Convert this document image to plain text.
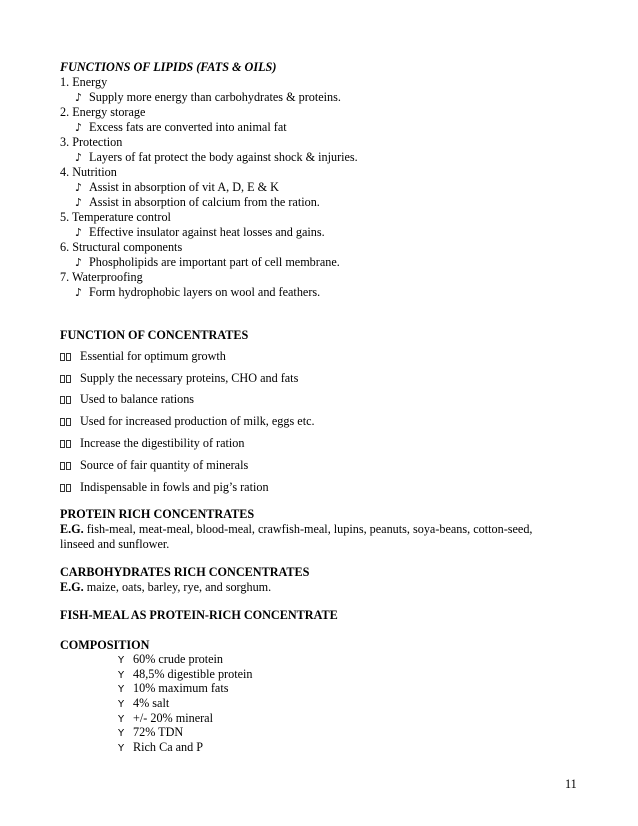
FUNCTIONS OF LIPIDS (FATS & OILS)
1. Energy
♪ Supply more energy than carbohydrates & proteins.
2. Energy storage
♪ Excess fats are converted into animal fat
3. Protection
♪ Layers of fat protect the body against shock & injuries.
4. Nutrition
♪ Assist in absorption of vit A, D, E & K
♪ Assist in absorption of calcium from the ration.
5. Temperature control
♪ Effective insulator against heat losses and gains.
6. Structural components
♪ Phospholipids are important part of cell membrane.
7. Waterproofing
♪ Form hydrophobic layers on wool and feathers.
FUNCTION OF CONCENTRATES
Essential for optimum growth
Supply the necessary proteins, CHO and fats
Used to balance rations
Used for increased production of milk, eggs etc.
Increase the digestibility of ration
Source of fair quantity of minerals
Indispensable in fowls and pig’s ration
PROTEIN RICH CONCENTRATES
E.G. fish-meal, meat-meal, blood-meal, crawfish-meal, lupins, peanuts, soya-beans, cotton-seed,
linseed and sunflower.
CARBOHYDRATES RICH CONCENTRATES
E.G. maize, oats, barley, rye, and sorghum.
FISH-MEAL AS PROTEIN-RICH CONCENTRATE
COMPOSITION
Y 60% crude protein
Y 48,5% digestible protein
Y 10% maximum fats
Y 4% salt
Y +/- 20% mineral
Y 72% TDN
Y Rich Ca and P
11
